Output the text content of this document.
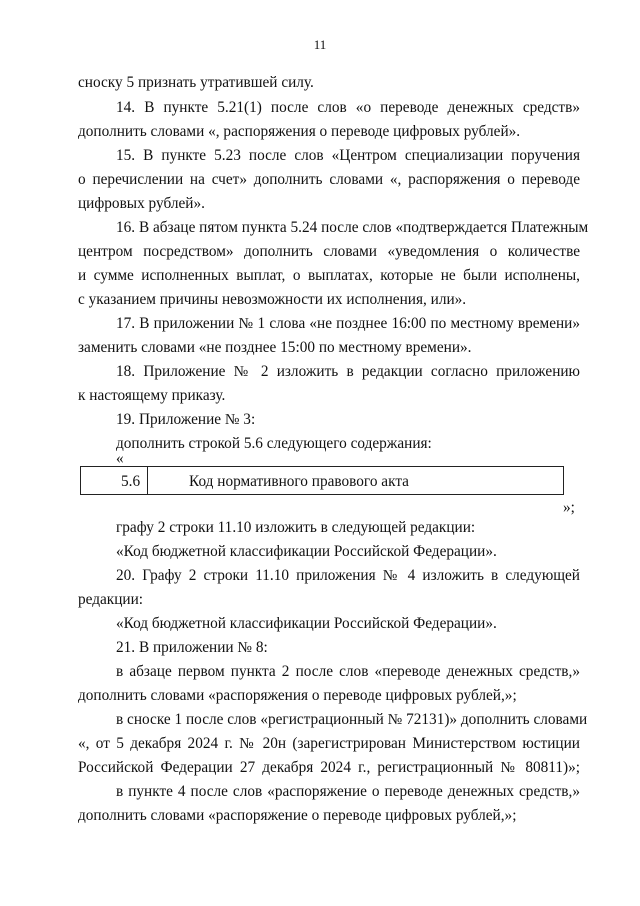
11
сноску 5 признать утратившей силу.
14. В пункте 5.21(1) после слов «о переводе денежных средств»
дополнить словами «, распоряжения о переводе цифровых рублей».
15. В пункте 5.23 после слов «Центром специализации поручения
о перечислении на счет» дополнить словами «, распоряжения о переводе
цифровых рублей».
16. В абзаце пятом пункта 5.24 после слов «подтверждается Платежным
центром посредством» дополнить словами «уведомления о количестве
и сумме исполненных выплат, о выплатах, которые не были исполнены,
с указанием причины невозможности их исполнения, или».
17. В приложении № 1 слова «не позднее 16:00 по местному времени»
заменить словами «не позднее 15:00 по местному времени».
18. Приложение № 2 изложить в редакции согласно приложению
к настоящему приказу.
19. Приложение № 3:
дополнить строкой 5.6 следующего содержания:
«
5.6	Код нормативного правового акта
»;
графу 2 строки 11.10 изложить в следующей редакции:
«Код бюджетной классификации Российской Федерации».
20. Графу 2 строки 11.10 приложения № 4 изложить в следующей
редакции:
«Код бюджетной классификации Российской Федерации».
21. В приложении № 8:
в абзаце первом пункта 2 после слов «переводе денежных средств,»
дополнить словами «распоряжения о переводе цифровых рублей,»;
в сноске 1 после слов «регистрационный № 72131)» дополнить словами
«, от 5 декабря 2024 г. № 20н (зарегистрирован Министерством юстиции
Российской Федерации 27 декабря 2024 г., регистрационный № 80811)»;
в пункте 4 после слов «распоряжение о переводе денежных средств,»
дополнить словами «распоряжение о переводе цифровых рублей,»;
